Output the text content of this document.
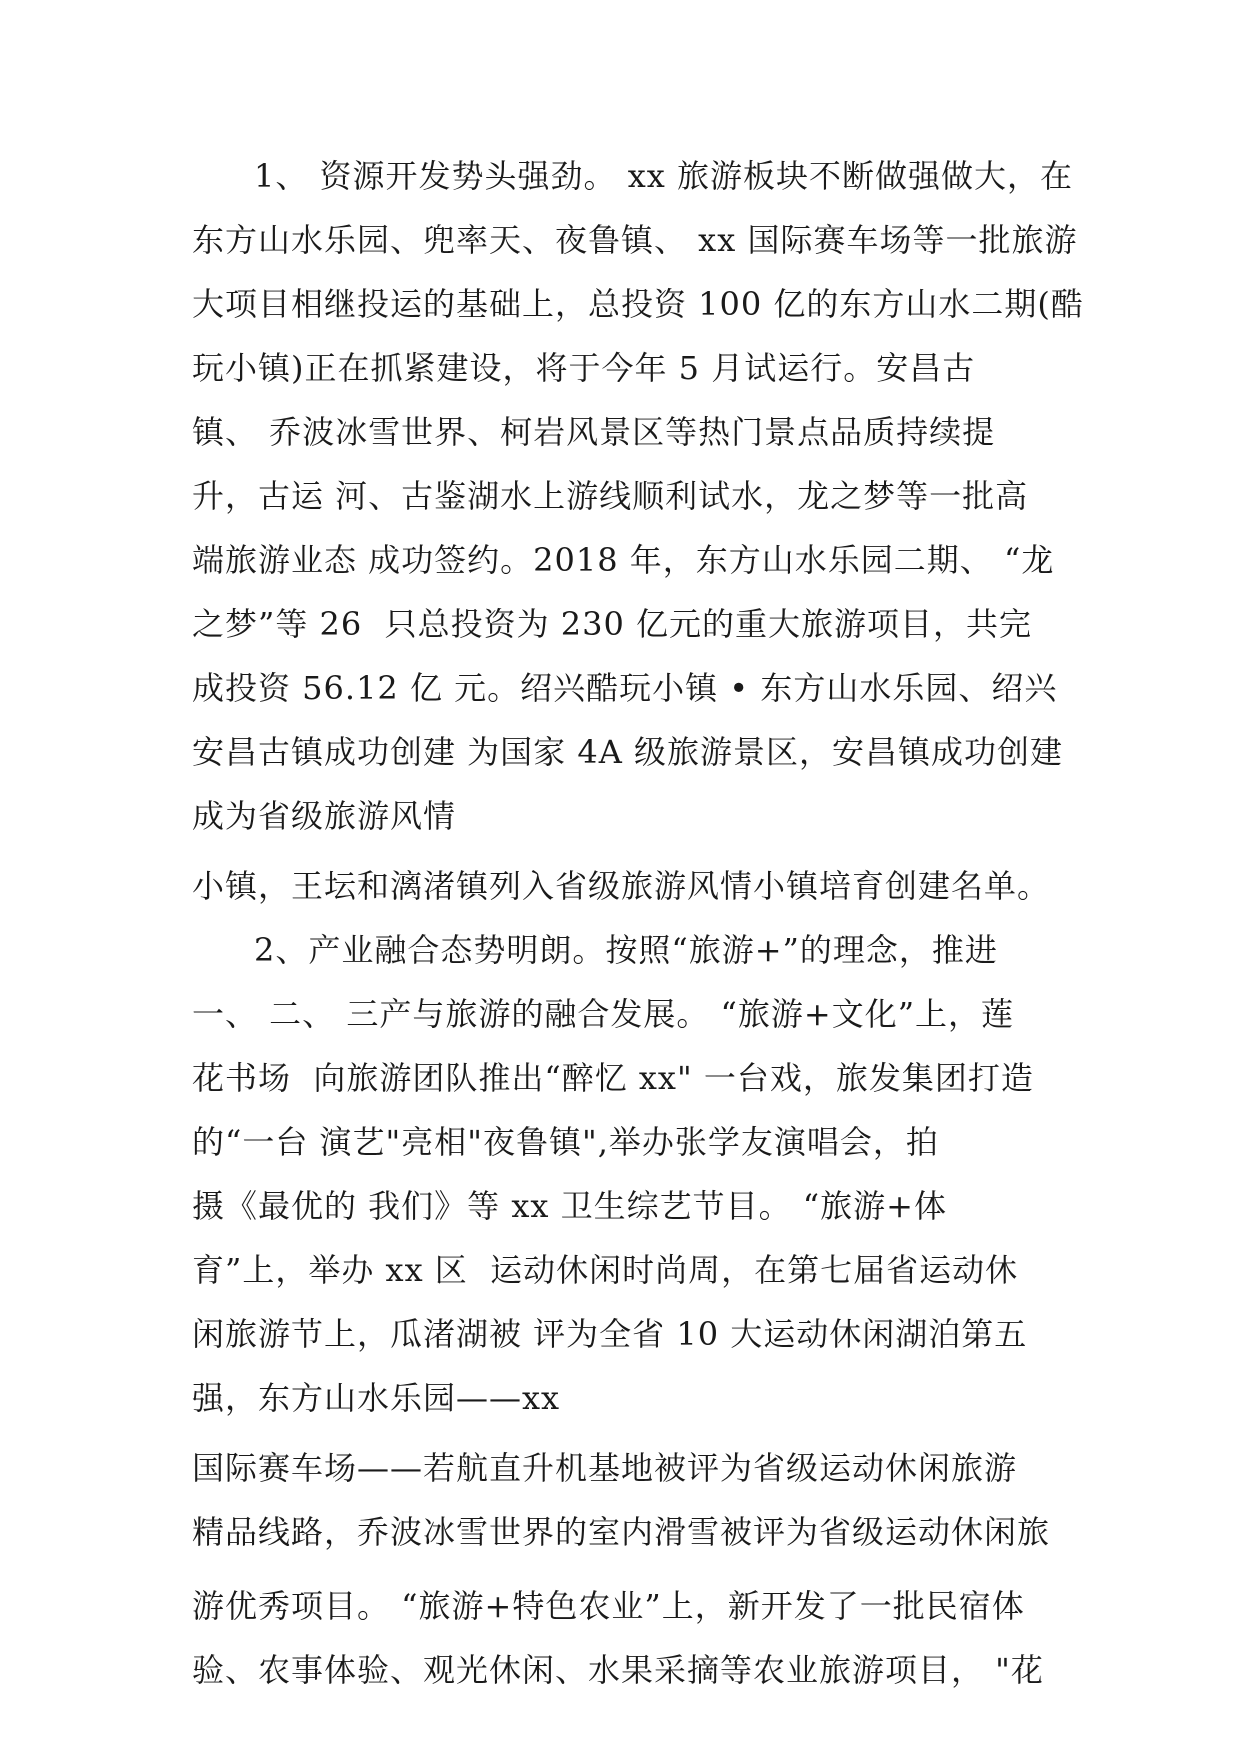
1、 资源开发势头强劲。 xx 旅游板块不断做强做大，在
东方山水乐园、兜率天、夜鲁镇、 xx 国际赛车场等一批旅游
大项目相继投运的基础上，总投资 100 亿的东方山水二期(酷
玩小镇)正在抓紧建设，将于今年 5 月试运行。安昌古
镇、 乔波冰雪世界、柯岩风景区等热门景点品质持续提
升，古运 河、古鉴湖水上游线顺利试水，龙之梦等一批高
端旅游业态 成功签约。2018 年，东方山水乐园二期、 “龙
之梦”等 26  只总投资为 230 亿元的重大旅游项目，共完
成投资 56.12 亿 元。绍兴酷玩小镇 • 东方山水乐园、绍兴
安昌古镇成功创建 为国家 4A 级旅游景区，安昌镇成功创建
成为省级旅游风情
小镇，王坛和漓渚镇列入省级旅游风情小镇培育创建名单。
2、产业融合态势明朗。按照“旅游+”的理念，推进
一、 二、 三产与旅游的融合发展。 “旅游+文化”上，莲
花书场  向旅游团队推出“醉忆 xx" 一台戏，旅发集团打造
的“一台 演艺"亮相"夜鲁镇",举办张学友演唱会，拍
摄《最优的 我们》等 xx 卫生综艺节目。 “旅游+体
育”上，举办 xx 区  运动休闲时尚周，在第七届省运动休
闲旅游节上，瓜渚湖被 评为全省 10 大运动休闲湖泊第五
强，东方山水乐园——xx
国际赛车场——若航直升机基地被评为省级运动休闲旅游
精品线路，乔波冰雪世界的室内滑雪被评为省级运动休闲旅
游优秀项目。 “旅游+特色农业”上，新开发了一批民宿体
验、农事体验、观光休闲、水果采摘等农业旅游项目， "花
